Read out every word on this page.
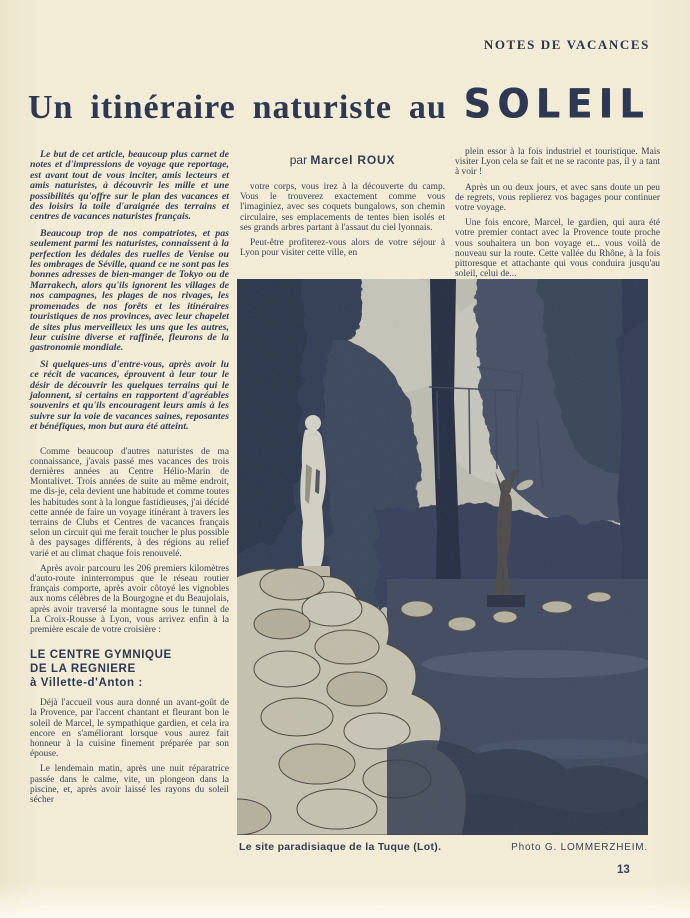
NOTES DE VACANCES
Un itinéraire naturiste au SOLEIL
par Marcel ROUX

Le but de cet article, beaucoup plus carnet de notes et d'impressions de voyage que reportage, est avant tout de vous inciter, amis lecteurs et amis naturistes, à découvrir les mille et une possibilités qu'offre sur le plan des vacances et des loisirs la toile d'araignée des terrains et centres de vacances naturistes français.

Beaucoup trop de nos compatriotes, et pas seulement parmi les naturistes, connaissent à la perfection les dédales des ruelles de Venise ou les ombrages de Séville, quand ce ne sont pas les bonnes adresses de bien-manger de Tokyo ou de Marrakech, alors qu'ils ignorent les villages de nos campagnes, les plages de nos rivages, les promenades de nos forêts et les itinéraires touristiques de nos provinces, avec leur chapelet de sites plus merveilleux les uns que les autres, leur cuisine diverse et raffinée, fleurons de la gastronomie mondiale.

Si quelques-uns d'entre-vous, après avoir lu ce récit de vacances, éprouvent à leur tour le désir de découvrir les quelques terrains qui le jalonnent, si certains en rapportent d'agréables souvenirs et qu'ils encouragent leurs amis à les suivre sur la voie de vacances saines, reposantes et bénéfiques, mon but aura été atteint.

Comme beaucoup d'autres naturistes de ma connaissance, j'avais passé mes vacances des trois dernières années au Centre Hélio-Marin de Montalivet. Trois années de suite au même endroit, me dis-je, cela devient une habitude et comme toutes les habitudes sont à la longue fastidieuses, j'ai décidé cette année de faire un voyage itinérant à travers les terrains de Clubs et Centres de vacances français selon un circuit qui me ferait toucher le plus possible à des paysages différents, à des régions au relief varié et au climat chaque fois renouvelé.

Après avoir parcouru les 206 premiers kilomètres d'auto-route ininterrompus que le réseau routier français comporte, après avoir côtoyé les vignobles aux noms célèbres de la Bourgogne et du Beaujolais, après avoir traversé la montagne sous le tunnel de La Croix-Rousse à Lyon, vous arrivez enfin à la première escale de votre croisière :

LE CENTRE GYMNIQUE
DE LA REGNIERE
à Villette-d'Anton :

Déjà l'accueil vous aura donné un avant-goût de la Provence, par l'accent chantant et fleurant bon le soleil de Marcel, le sympathique gardien, et cela ira encore en s'améliorant lorsque vous aurez fait honneur à la cuisine finement préparée par son épouse.

Le lendemain matin, après une nuit réparatrice passée dans le calme, vite, un plongeon dans la piscine, et, après avoir laissé les rayons du soleil sécher

votre corps, vous irez à la découverte du camp. Vous le trouverez exactement comme vous l'imaginiez, avec ses coquets bungalows, son chemin circulaire, ses emplacements de tentes bien isolés et ses grands arbres partant à l'assaut du ciel lyonnais.

Peut-être profiterez-vous alors de votre séjour à Lyon pour visiter cette ville, en

plein essor à la fois industriel et touristique. Mais visiter Lyon cela se fait et ne se raconte pas, il y a tant à voir !

Après un ou deux jours, et avec sans doute un peu de regrets, vous replierez vos bagages pour continuer votre voyage.

Une fois encore, Marcel, le gardien, qui aura été votre premier contact avec la Provence toute proche vous souhaitera un bon voyage et... vous voilà de nouveau sur la route. Cette vallée du Rhône, à la fois pittoresque et attachante qui vous conduira jusqu'au soleil, celui de...

Le site paradisiaque de la Tuque (Lot).	Photo G. LOMMERZHEIM.
13
